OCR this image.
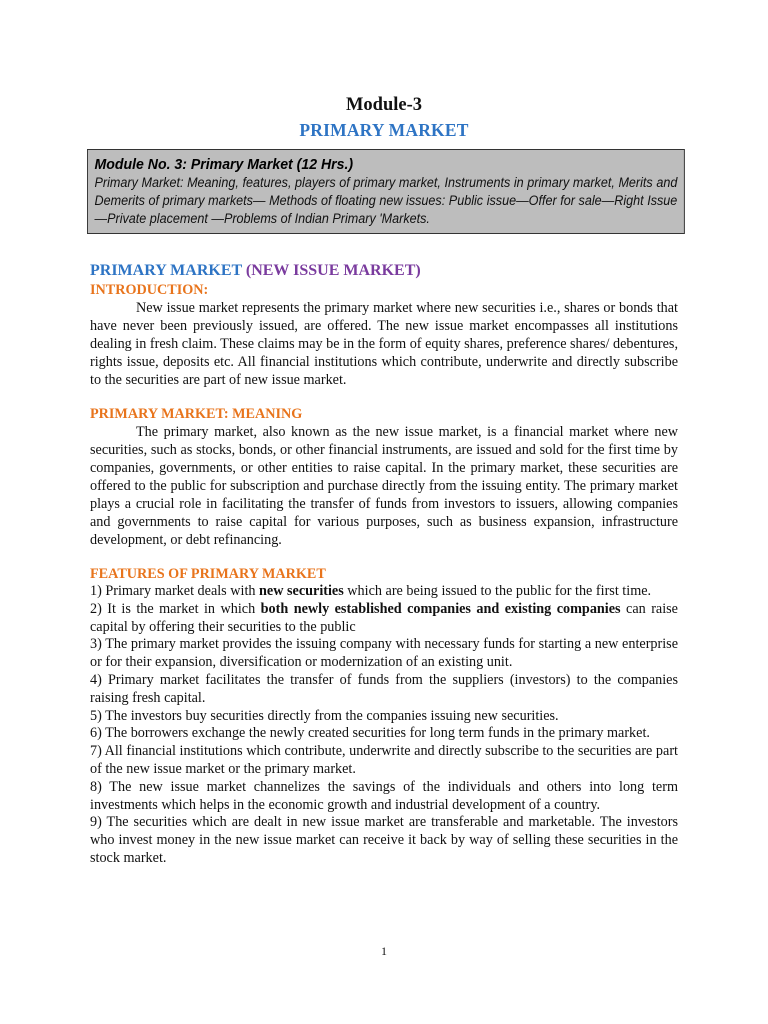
Module-3
PRIMARY MARKET
Module No. 3: Primary Market (12 Hrs.)
Primary Market: Meaning, features, players of primary market, Instruments in primary market, Merits and Demerits of primary markets— Methods of floating new issues: Public issue—Offer for sale—Right Issue—Private placement —Problems of Indian Primary 'Markets.
PRIMARY MARKET (NEW ISSUE MARKET)
INTRODUCTION:

New issue market represents the primary market where new securities i.e., shares or bonds that have never been previously issued, are offered. The new issue market encompasses all institutions dealing in fresh claim. These claims may be in the form of equity shares, preference shares/ debentures, rights issue, deposits etc. All financial institutions which contribute, underwrite and directly subscribe to the securities are part of new issue market.

PRIMARY MARKET: MEANING

The primary market, also known as the new issue market, is a financial market where new securities, such as stocks, bonds, or other financial instruments, are issued and sold for the first time by companies, governments, or other entities to raise capital. In the primary market, these securities are offered to the public for subscription and purchase directly from the issuing entity. The primary market plays a crucial role in facilitating the transfer of funds from investors to issuers, allowing companies and governments to raise capital for various purposes, such as business expansion, infrastructure development, or debt refinancing.

FEATURES OF PRIMARY MARKET
1) Primary market deals with new securities which are being issued to the public for the first time.
2) It is the market in which both newly established companies and existing companies can raise capital by offering their securities to the public
3) The primary market provides the issuing company with necessary funds for starting a new enterprise or for their expansion, diversification or modernization of an existing unit.
4) Primary market facilitates the transfer of funds from the suppliers (investors) to the companies raising fresh capital.
5) The investors buy securities directly from the companies issuing new securities.
6) The borrowers exchange the newly created securities for long term funds in the primary market.
7) All financial institutions which contribute, underwrite and directly subscribe to the securities are part of the new issue market or the primary market.
8) The new issue market channelizes the savings of the individuals and others into long term investments which helps in the economic growth and industrial development of a country.
9) The securities which are dealt in new issue market are transferable and marketable. The investors who invest money in the new issue market can receive it back by way of selling these securities in the stock market.
1
